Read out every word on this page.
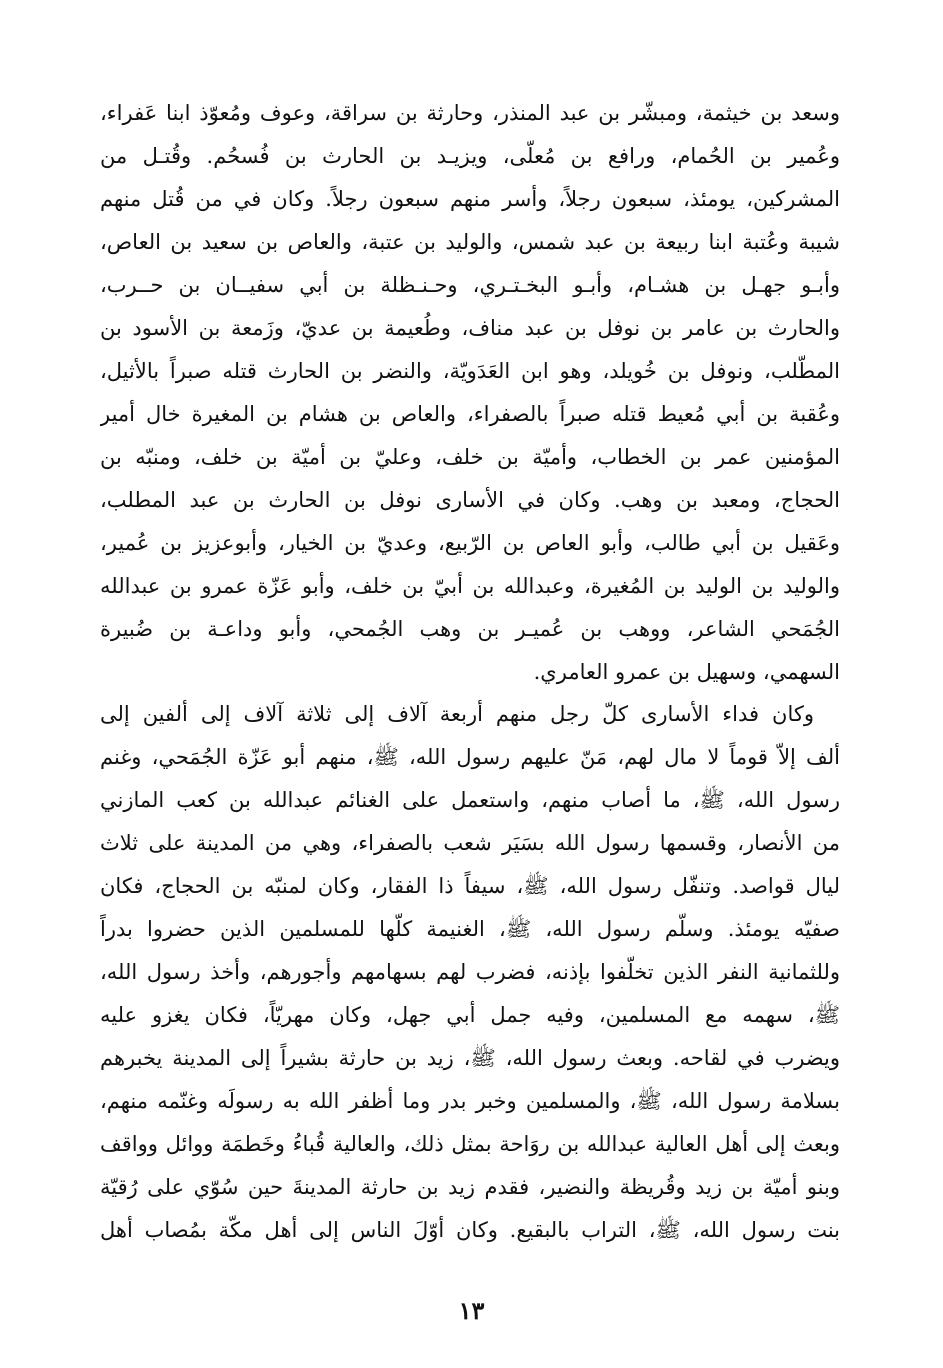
وسعد بن خيثمة، ومبشّر بن عبد المنذر، وحارثة بن سراقة، وعوف ومُعوّذ ابنا عَفراء،
وعُمير بن الحُمام، ورافع بن مُعلّى، ويزيـد بن الحارث بن فُسحُم. وقُتـل من
المشركين، يومئذ، سبعون رجلاً، وأسر منهم سبعون رجلاً. وكان في من قُتل منهم
شيبة وعُتبة ابنا ربيعة بن عبد شمس، والوليد بن عتبة، والعاص بن سعيد بن العاص،
وأبـو جهـل بن هشـام، وأبـو البخـتـري، وحـنـظلة بن أبي سفيــان بن حــرب،
والحارث بن عامر بن نوفل بن عبد مناف، وطُعيمة بن عديّ، وزَمعة بن الأسود بن
المطّلب، ونوفل بن خُويلد، وهو ابن العَدَويّة، والنضر بن الحارث قتله صبراً بالأثيل،
وعُقبة بن أبي مُعيط قتله صبراً بالصفراء، والعاص بن هشام بن المغيرة خال أمير
المؤمنين عمر بن الخطاب، وأميّة بن خلف، وعليّ بن أميّة بن خلف، ومنبّه بن
الحجاج، ومعبد بن وهب. وكان في الأسارى نوفل بن الحارث بن عبد المطلب،
وعَقيل بن أبي طالب، وأبو العاص بن الرّبيع، وعديّ بن الخيار، وأبوعزيز بن عُمير،
والوليد بن الوليد بن المُغيرة، وعبدالله بن أبيّ بن خلف، وأبو عَزّة عمرو بن عبدالله
الجُمَحي الشاعر، ووهب بن عُميـر بن وهب الجُمحي، وأبو وداعـة بن ضُبيرة
السهمي، وسهيل بن عمرو العامري.
وكان فداء الأسارى كلّ رجل منهم أربعة آلاف إلى ثلاثة آلاف إلى ألفين إلى
ألف إلاّ قوماً لا مال لهم، مَنّ عليهم رسول الله، ﷺ، منهم أبو عَزّة الجُمَحي، وغنم
رسول الله، ﷺ، ما أصاب منهم، واستعمل على الغنائم عبدالله بن كعب المازني
من الأنصار، وقسمها رسول الله بسَيَر شعب بالصفراء، وهي من المدينة على ثلاث
ليال قواصد. وتنفّل رسول الله، ﷺ، سيفاً ذا الفقار، وكان لمنبّه بن الحجاج، فكان
صفيّه يومئذ. وسلّم رسول الله، ﷺ، الغنيمة كلّها للمسلمين الذين حضروا بدراً
وللثمانية النفر الذين تخلّفوا بإذنه، فضرب لهم بسهامهم وأجورهم، وأخذ رسول الله،
ﷺ، سهمه مع المسلمين، وفيه جمل أبي جهل، وكان مهريّاً، فكان يغزو عليه
ويضرب في لقاحه. وبعث رسول الله، ﷺ، زيد بن حارثة بشيراً إلى المدينة يخبرهم
بسلامة رسول الله، ﷺ، والمسلمين وخبر بدر وما أظفر الله به رسولَه وغنّمه منهم،
وبعث إلى أهل العالية عبدالله بن روَاحة بمثل ذلك، والعالية قُباءُ وخَطمَة ووائل وواقف
وبنو أميّة بن زيد وقُريظة والنضير، فقدم زيد بن حارثة المدينةَ حين سُوّي على رُقيّة
بنت رسول الله، ﷺ، التراب بالبقيع. وكان أوّلَ الناس إلى أهل مكّة بمُصاب أهل
١٣
